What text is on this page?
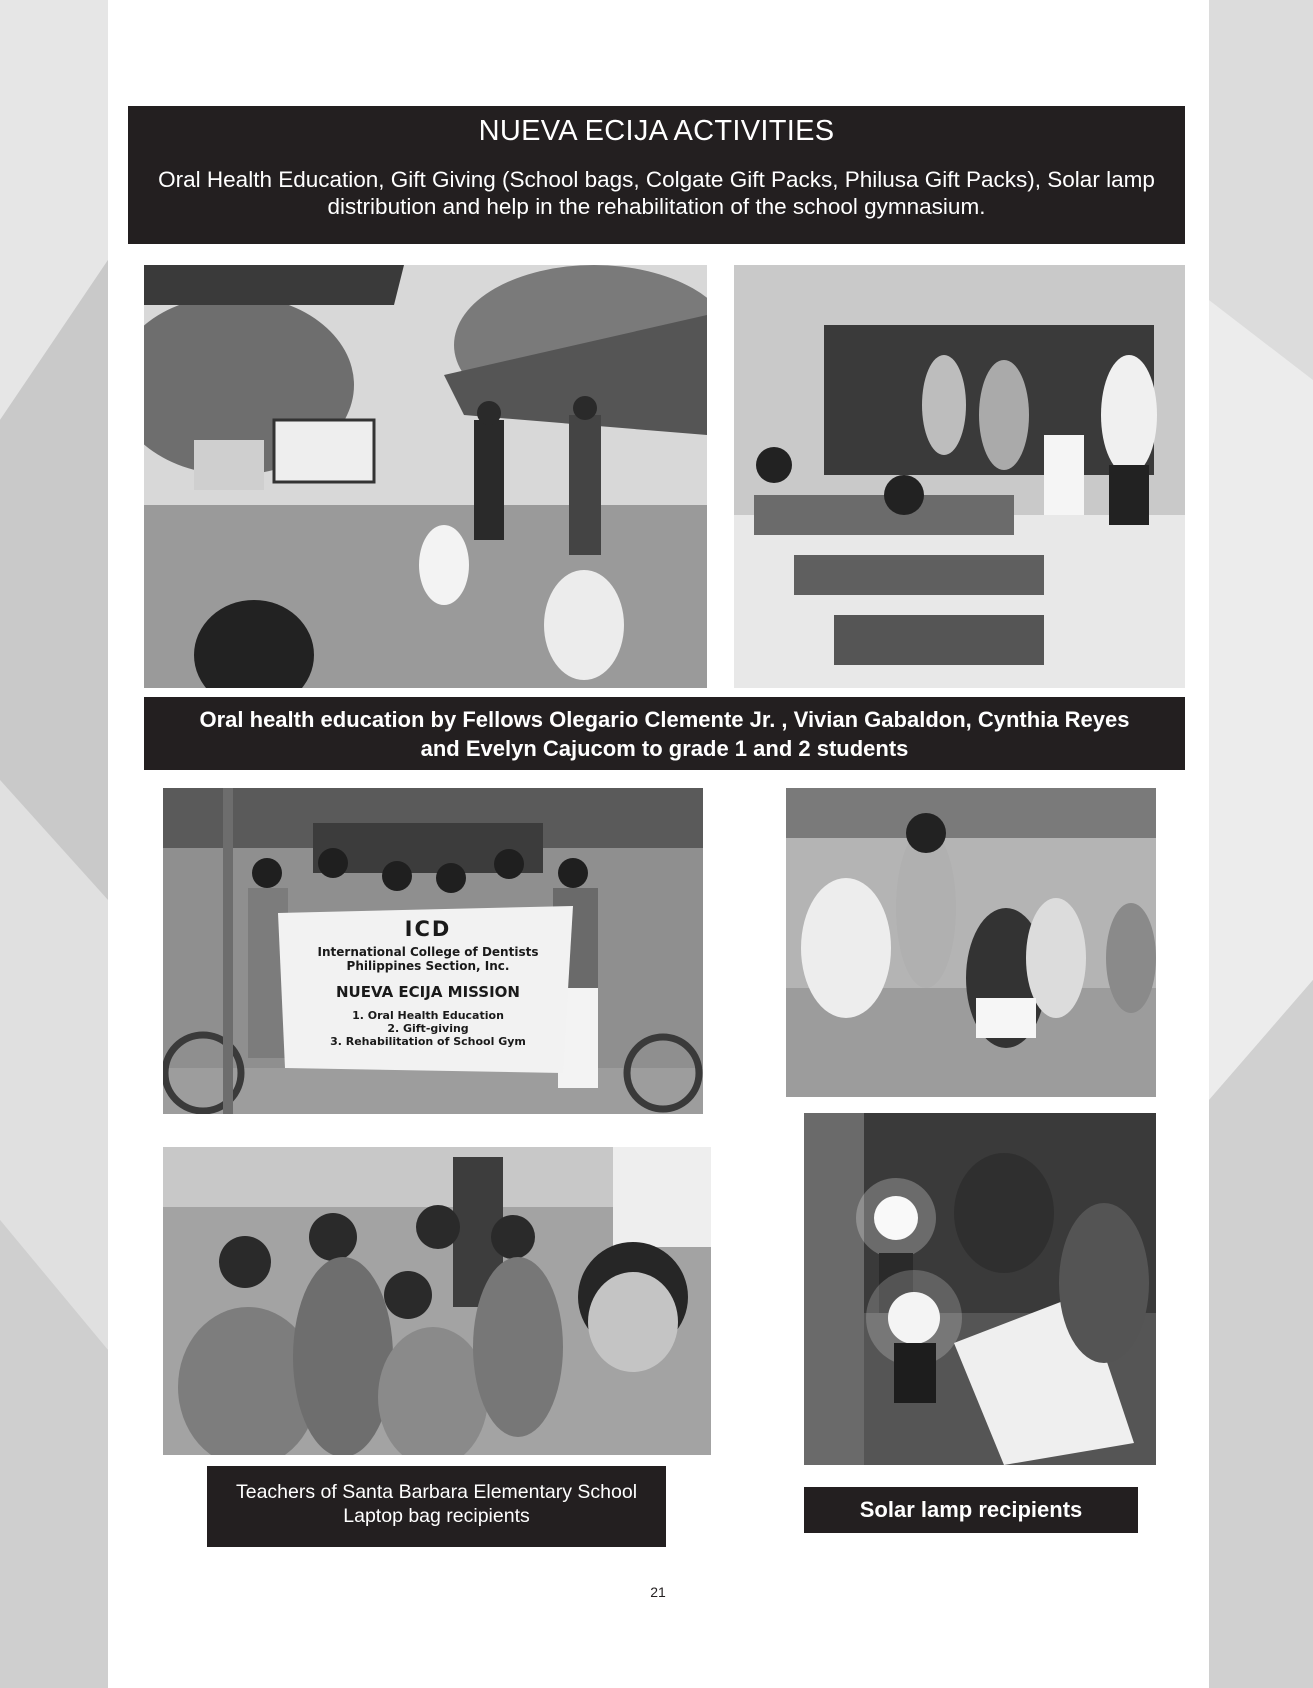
NUEVA ECIJA ACTIVITIES
Oral Health Education, Gift Giving (School bags, Colgate Gift Packs, Philusa Gift Packs), Solar lamp
distribution and help in the rehabilitation of the school gymnasium.
Oral health education by Fellows Olegario Clemente Jr. , Vivian Gabaldon, Cynthia Reyes
and Evelyn Cajucom to grade 1 and 2 students
ICD
International College of Dentists
Philippines Section, Inc.
NUEVA ECIJA MISSION
1. Oral Health Education
2. Gift-giving
3. Rehabilitation of School Gym
Teachers of Santa Barbara Elementary School
Laptop bag recipients	Solar lamp recipients
21
